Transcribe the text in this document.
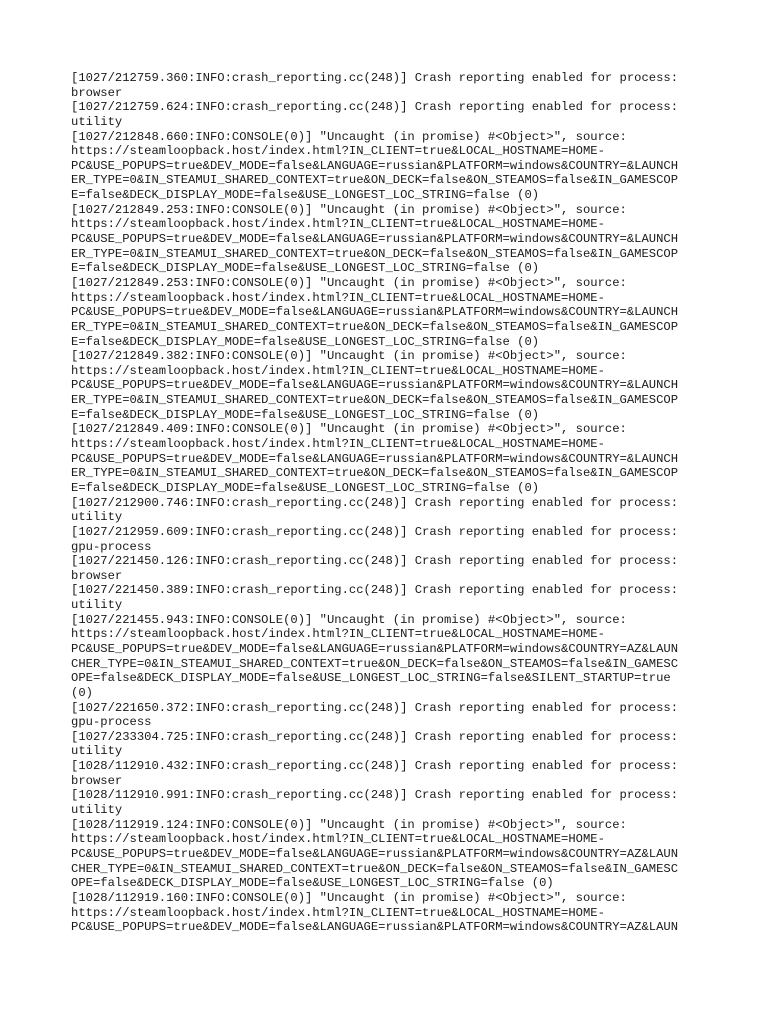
[1027/212759.360:INFO:crash_reporting.cc(248)] Crash reporting enabled for process:
browser
[1027/212759.624:INFO:crash_reporting.cc(248)] Crash reporting enabled for process:
utility
[1027/212848.660:INFO:CONSOLE(0)] "Uncaught (in promise) #<Object>", source:
https://steamloopback.host/index.html?IN_CLIENT=true&LOCAL_HOSTNAME=HOME-
PC&USE_POPUPS=true&DEV_MODE=false&LANGUAGE=russian&PLATFORM=windows&COUNTRY=&LAUNCH
ER_TYPE=0&IN_STEAMUI_SHARED_CONTEXT=true&ON_DECK=false&ON_STEAMOS=false&IN_GAMESCOP
E=false&DECK_DISPLAY_MODE=false&USE_LONGEST_LOC_STRING=false (0)
[1027/212849.253:INFO:CONSOLE(0)] "Uncaught (in promise) #<Object>", source:
https://steamloopback.host/index.html?IN_CLIENT=true&LOCAL_HOSTNAME=HOME-
PC&USE_POPUPS=true&DEV_MODE=false&LANGUAGE=russian&PLATFORM=windows&COUNTRY=&LAUNCH
ER_TYPE=0&IN_STEAMUI_SHARED_CONTEXT=true&ON_DECK=false&ON_STEAMOS=false&IN_GAMESCOP
E=false&DECK_DISPLAY_MODE=false&USE_LONGEST_LOC_STRING=false (0)
[1027/212849.253:INFO:CONSOLE(0)] "Uncaught (in promise) #<Object>", source:
https://steamloopback.host/index.html?IN_CLIENT=true&LOCAL_HOSTNAME=HOME-
PC&USE_POPUPS=true&DEV_MODE=false&LANGUAGE=russian&PLATFORM=windows&COUNTRY=&LAUNCH
ER_TYPE=0&IN_STEAMUI_SHARED_CONTEXT=true&ON_DECK=false&ON_STEAMOS=false&IN_GAMESCOP
E=false&DECK_DISPLAY_MODE=false&USE_LONGEST_LOC_STRING=false (0)
[1027/212849.382:INFO:CONSOLE(0)] "Uncaught (in promise) #<Object>", source:
https://steamloopback.host/index.html?IN_CLIENT=true&LOCAL_HOSTNAME=HOME-
PC&USE_POPUPS=true&DEV_MODE=false&LANGUAGE=russian&PLATFORM=windows&COUNTRY=&LAUNCH
ER_TYPE=0&IN_STEAMUI_SHARED_CONTEXT=true&ON_DECK=false&ON_STEAMOS=false&IN_GAMESCOP
E=false&DECK_DISPLAY_MODE=false&USE_LONGEST_LOC_STRING=false (0)
[1027/212849.409:INFO:CONSOLE(0)] "Uncaught (in promise) #<Object>", source:
https://steamloopback.host/index.html?IN_CLIENT=true&LOCAL_HOSTNAME=HOME-
PC&USE_POPUPS=true&DEV_MODE=false&LANGUAGE=russian&PLATFORM=windows&COUNTRY=&LAUNCH
ER_TYPE=0&IN_STEAMUI_SHARED_CONTEXT=true&ON_DECK=false&ON_STEAMOS=false&IN_GAMESCOP
E=false&DECK_DISPLAY_MODE=false&USE_LONGEST_LOC_STRING=false (0)
[1027/212900.746:INFO:crash_reporting.cc(248)] Crash reporting enabled for process:
utility
[1027/212959.609:INFO:crash_reporting.cc(248)] Crash reporting enabled for process:
gpu-process
[1027/221450.126:INFO:crash_reporting.cc(248)] Crash reporting enabled for process:
browser
[1027/221450.389:INFO:crash_reporting.cc(248)] Crash reporting enabled for process:
utility
[1027/221455.943:INFO:CONSOLE(0)] "Uncaught (in promise) #<Object>", source:
https://steamloopback.host/index.html?IN_CLIENT=true&LOCAL_HOSTNAME=HOME-
PC&USE_POPUPS=true&DEV_MODE=false&LANGUAGE=russian&PLATFORM=windows&COUNTRY=AZ&LAUN
CHER_TYPE=0&IN_STEAMUI_SHARED_CONTEXT=true&ON_DECK=false&ON_STEAMOS=false&IN_GAMESC
OPE=false&DECK_DISPLAY_MODE=false&USE_LONGEST_LOC_STRING=false&SILENT_STARTUP=true
(0)
[1027/221650.372:INFO:crash_reporting.cc(248)] Crash reporting enabled for process:
gpu-process
[1027/233304.725:INFO:crash_reporting.cc(248)] Crash reporting enabled for process:
utility
[1028/112910.432:INFO:crash_reporting.cc(248)] Crash reporting enabled for process:
browser
[1028/112910.991:INFO:crash_reporting.cc(248)] Crash reporting enabled for process:
utility
[1028/112919.124:INFO:CONSOLE(0)] "Uncaught (in promise) #<Object>", source:
https://steamloopback.host/index.html?IN_CLIENT=true&LOCAL_HOSTNAME=HOME-
PC&USE_POPUPS=true&DEV_MODE=false&LANGUAGE=russian&PLATFORM=windows&COUNTRY=AZ&LAUN
CHER_TYPE=0&IN_STEAMUI_SHARED_CONTEXT=true&ON_DECK=false&ON_STEAMOS=false&IN_GAMESC
OPE=false&DECK_DISPLAY_MODE=false&USE_LONGEST_LOC_STRING=false (0)
[1028/112919.160:INFO:CONSOLE(0)] "Uncaught (in promise) #<Object>", source:
https://steamloopback.host/index.html?IN_CLIENT=true&LOCAL_HOSTNAME=HOME-
PC&USE_POPUPS=true&DEV_MODE=false&LANGUAGE=russian&PLATFORM=windows&COUNTRY=AZ&LAUN
